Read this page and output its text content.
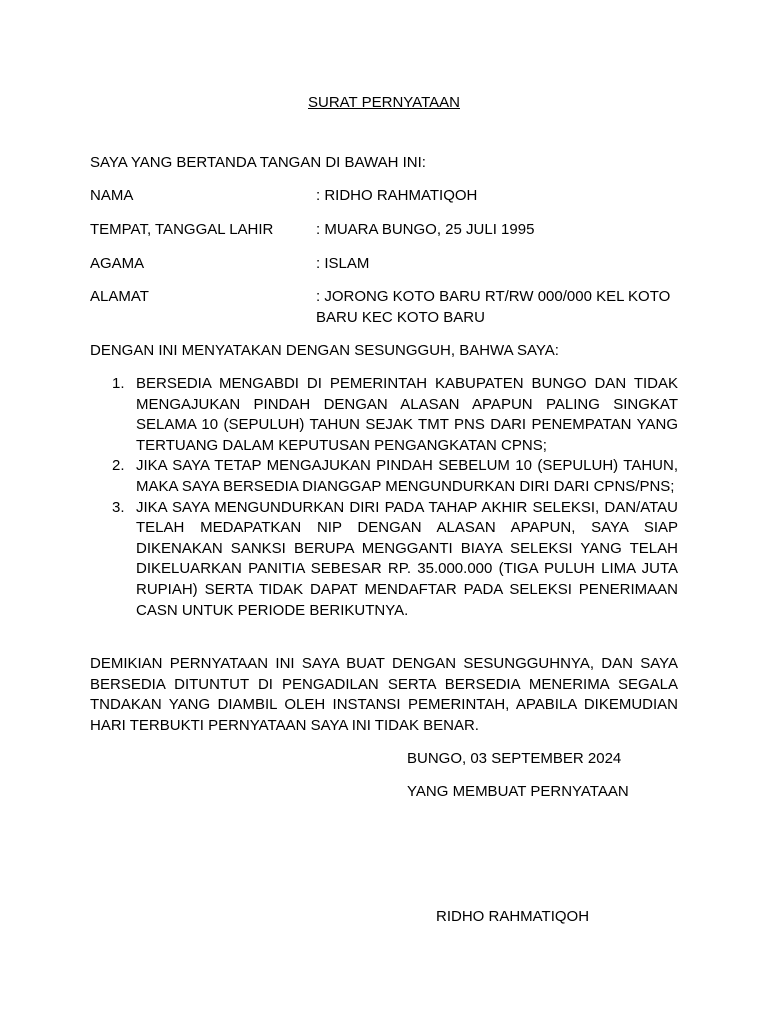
SURAT PERNYATAAN
SAYA YANG BERTANDA TANGAN DI BAWAH INI:
NAMA	: RIDHO RAHMATIQOH
TEMPAT, TANGGAL LAHIR	: MUARA BUNGO, 25 JULI 1995
AGAMA	: ISLAM
ALAMAT	: JORONG KOTO BARU RT/RW 000/000 KEL KOTO BARU KEC KOTO BARU
DENGAN INI MENYATAKAN DENGAN SESUNGGUH, BAHWA SAYA:
1. BERSEDIA MENGABDI DI PEMERINTAH KABUPATEN BUNGO DAN TIDAK MENGAJUKAN PINDAH DENGAN ALASAN APAPUN PALING SINGKAT SELAMA 10 (SEPULUH) TAHUN SEJAK TMT PNS DARI PENEMPATAN YANG TERTUANG DALAM KEPUTUSAN PENGANGKATAN CPNS;
2. JIKA SAYA TETAP MENGAJUKAN PINDAH SEBELUM 10 (SEPULUH) TAHUN, MAKA SAYA BERSEDIA DIANGGAP MENGUNDURKAN DIRI DARI CPNS/PNS;
3. JIKA SAYA MENGUNDURKAN DIRI PADA TAHAP AKHIR SELEKSI, DAN/ATAU TELAH MEDAPATKAN NIP DENGAN ALASAN APAPUN, SAYA SIAP DIKENAKAN SANKSI BERUPA MENGGANTI BIAYA SELEKSI YANG TELAH DIKELUARKAN PANITIA SEBESAR RP. 35.000.000 (TIGA PULUH LIMA JUTA RUPIAH) SERTA TIDAK DAPAT MENDAFTAR PADA SELEKSI PENERIMAAN CASN UNTUK PERIODE BERIKUTNYA.
DEMIKIAN PERNYATAAN INI SAYA BUAT DENGAN SESUNGGUHNYA, DAN SAYA BERSEDIA DITUNTUT DI PENGADILAN SERTA BERSEDIA MENERIMA SEGALA TNDAKAN YANG DIAMBIL OLEH INSTANSI PEMERINTAH, APABILA DIKEMUDIAN HARI TERBUKTI PERNYATAAN SAYA INI TIDAK BENAR.
BUNGO, 03 SEPTEMBER 2024
YANG MEMBUAT PERNYATAAN
RIDHO RAHMATIQOH
